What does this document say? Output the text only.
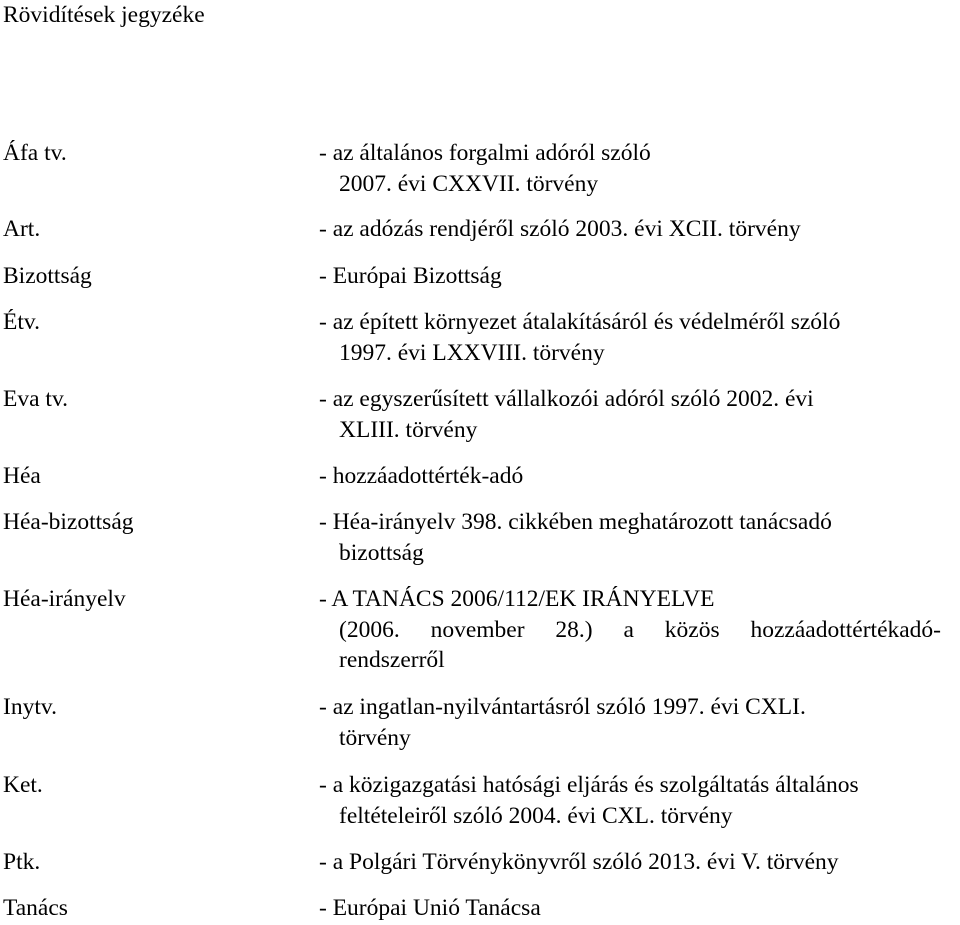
Rövidítések jegyzéke
Áfa tv.	- az általános forgalmi adóról szóló
2007. évi CXXVII. törvény
Art.	- az adózás rendjéről szóló 2003. évi XCII. törvény
Bizottság	- Európai Bizottság
Étv.	- az épített környezet átalakításáról és védelméről szóló
1997. évi LXXVIII. törvény
Eva tv.	- az egyszerűsített vállalkozói adóról szóló 2002. évi
XLIII. törvény
Héa	- hozzáadottérték-adó
Héa-bizottság	- Héa-irányelv 398. cikkében meghatározott tanácsadó
bizottság
Héa-irányelv	- A TANÁCS 2006/112/EK IRÁNYELVE
(2006. november 28.) a közös hozzáadottértékadó-
rendszerről
Inytv.	- az ingatlan-nyilvántartásról szóló 1997. évi CXLI.
törvény
Ket.	- a közigazgatási hatósági eljárás és szolgáltatás általános
feltételeiről szóló 2004. évi CXL. törvény
Ptk.	- a Polgári Törvénykönyvről szóló 2013. évi V. törvény
Tanács	- Európai Unió Tanácsa
